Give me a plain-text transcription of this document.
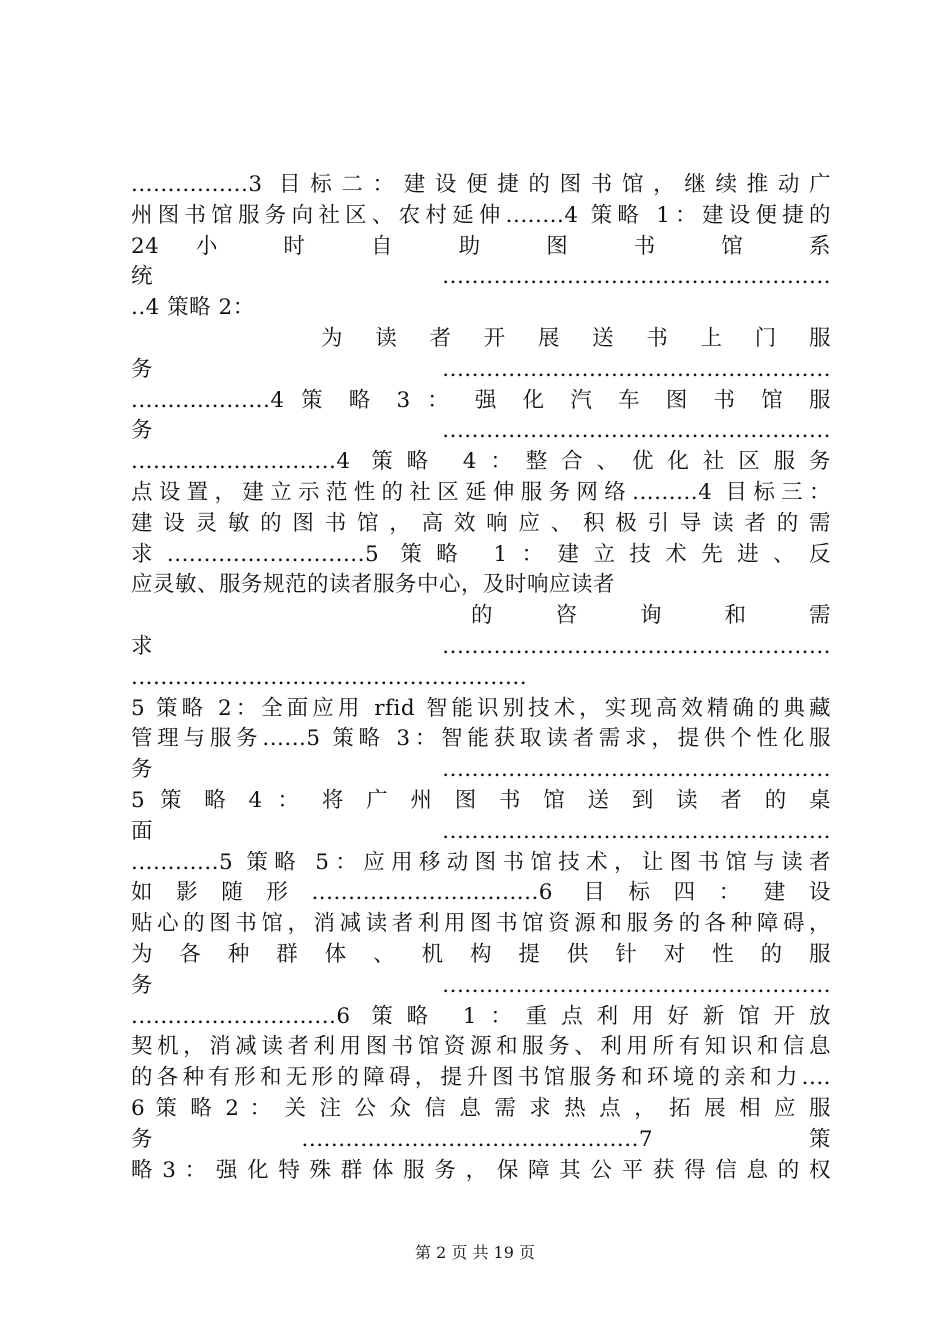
................3 目标二：建设便捷的图书馆，继续推动广
州图书馆服务向社区、农村延伸........4 策略 1：建设便捷的
24 小 时 自 助 图 书 馆 系
统.....................................................
..4 策略 2：
为 读 者 开 展 送 书 上 门 服
务.....................................................
...................4 策 略 3 ： 强 化 汽 车 图 书 馆 服
务.....................................................
............................4 策略 4：整合、优化社区服务
点设置，建立示范性的社区延伸服务网络.........4 目标三：
建 设 灵 敏 的 图 书 馆 ， 高 效 响 应 、 积 极 引 导 读 者 的 需
求...........................5 策略 1：建立技术先进、反
应灵敏、服务规范的读者服务中心，及时响应读者
的 咨 询 和 需
求.....................................................
......................................................
5 策略 2：全面应用 rfid 智能识别技术，实现高效精确的典藏
管理与服务......5 策略 3：智能获取读者需求，提供个性化服
务.....................................................
5 策 略 4 ： 将 广 州 图 书 馆 送 到 读 者 的 桌
面.....................................................
............5 策略 5：应用移动图书馆技术，让图书馆与读者
如影随形...............................6 目标四：建设
贴心的图书馆，消减读者利用图书馆资源和服务的各种障碍，
为 各 种 群 体 、 机 构 提 供 针 对 性 的 服
务.....................................................
............................6 策略 1：重点利用好新馆开放
契机，消减读者利用图书馆资源和服务、利用所有知识和信息
的各种有形和无形的障碍，提升图书馆服务和环境的亲和力....
6 策 略 2 ： 关 注 公 众 信 息 需 求 热 点 ， 拓 展 相 应 服
务..............................................7 策
略 3 ： 强 化 特 殊 群 体 服 务 ， 保 障 其 公 平 获 得 信 息 的 权
第 2 页 共 19 页
